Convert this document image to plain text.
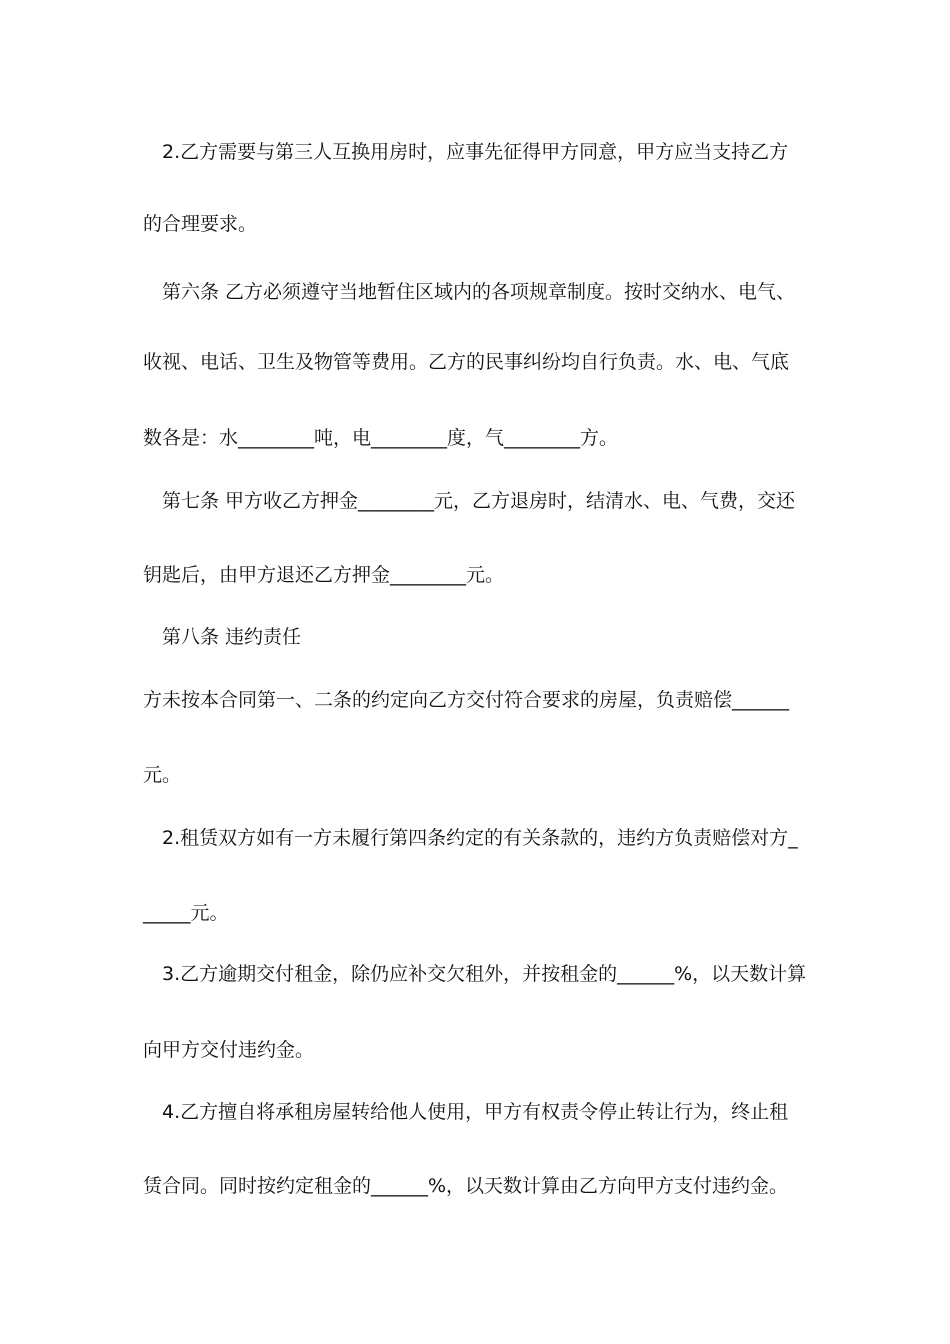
2.乙方需要与第三人互换用房时，应事先征得甲方同意，甲方应当支持乙方
的合理要求。
第六条 乙方必须遵守当地暂住区域内的各项规章制度。按时交纳水、电气、
收视、电话、卫生及物管等费用。乙方的民事纠纷均自行负责。水、电、气底
数各是：水________吨，电________度，气________方。
第七条 甲方收乙方押金________元，乙方退房时，结清水、电、气费，交还
钥匙后，由甲方退还乙方押金________元。
第八条 违约责任
方未按本合同第一、二条的约定向乙方交付符合要求的房屋，负责赔偿______
元。
2.租赁双方如有一方未履行第四条约定的有关条款的，违约方负责赔偿对方_
_____元。
3.乙方逾期交付租金，除仍应补交欠租外，并按租金的______%，以天数计算
向甲方交付违约金。
4.乙方擅自将承租房屋转给他人使用，甲方有权责令停止转让行为，终止租
赁合同。同时按约定租金的______%，以天数计算由乙方向甲方支付违约金。
